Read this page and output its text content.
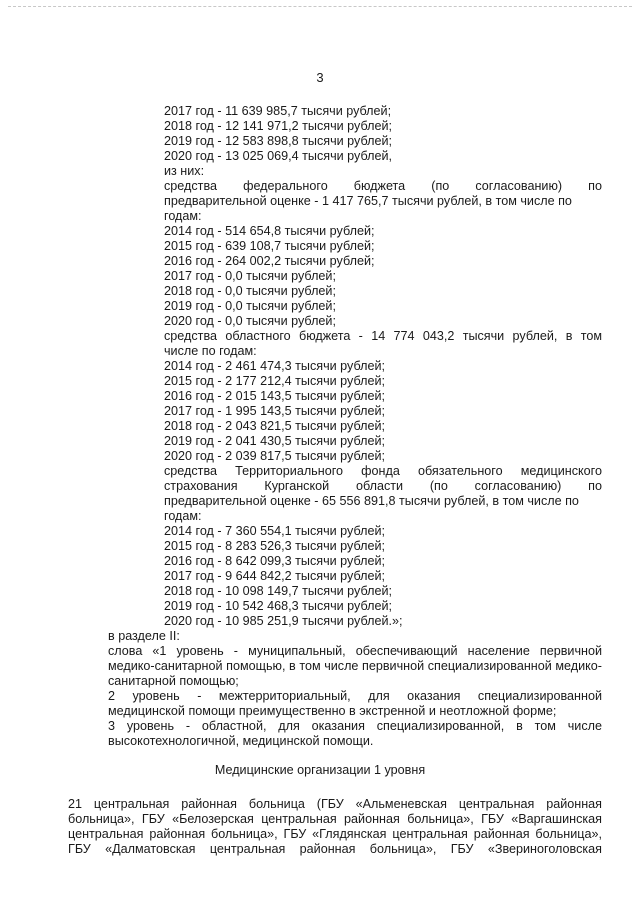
3
2017 год - 11 639 985,7 тысячи рублей;
2018 год - 12 141 971,2 тысячи рублей;
2019 год - 12 583 898,8 тысячи рублей;
2020 год - 13 025 069,4 тысячи рублей,
из них:
средства федерального бюджета (по согласованию) по
предварительной оценке - 1 417 765,7 тысячи рублей, в том числе по
годам:
2014 год - 514 654,8 тысячи рублей;
2015 год - 639 108,7 тысячи рублей;
2016 год - 264 002,2 тысячи рублей;
2017 год - 0,0 тысячи рублей;
2018 год - 0,0 тысячи рублей;
2019 год - 0,0 тысячи рублей;
2020 год - 0,0 тысячи рублей;
средства областного бюджета - 14 774 043,2 тысячи рублей, в том
числе по годам:
2014 год - 2 461 474,3 тысячи рублей;
2015 год - 2 177 212,4 тысячи рублей;
2016 год - 2 015 143,5 тысячи рублей;
2017 год - 1 995 143,5 тысячи рублей;
2018 год - 2 043 821,5 тысячи рублей;
2019 год - 2 041 430,5 тысячи рублей;
2020 год - 2 039 817,5 тысячи рублей;
средства Территориального фонда обязательного медицинского
страхования Курганской области (по согласованию) по
предварительной оценке - 65 556 891,8 тысячи рублей, в том числе по
годам:
2014 год - 7 360 554,1 тысячи рублей;
2015 год - 8 283 526,3 тысячи рублей;
2016 год - 8 642 099,3 тысячи рублей;
2017 год - 9 644 842,2 тысячи рублей;
2018 год - 10 098 149,7 тысячи рублей;
2019 год - 10 542 468,3 тысячи рублей;
2020 год - 10 985 251,9 тысячи рублей.»;
в разделе II:
слова «1 уровень - муниципальный, обеспечивающий население первичной
медико-санитарной помощью, в том числе первичной специализированной медико-
санитарной помощью;
2 уровень - межтерриториальный, для оказания специализированной
медицинской помощи преимущественно в экстренной и неотложной форме;
3 уровень - областной, для оказания специализированной, в том числе
высокотехнологичной, медицинской помощи.
Медицинские организации 1 уровня
21 центральная районная больница (ГБУ «Альменевская центральная районная
больница», ГБУ «Белозерская центральная районная больница», ГБУ «Варгашинская
центральная районная больница», ГБУ «Глядянская центральная районная больница»,
ГБУ «Далматовская центральная районная больница», ГБУ «Звериноголовская
